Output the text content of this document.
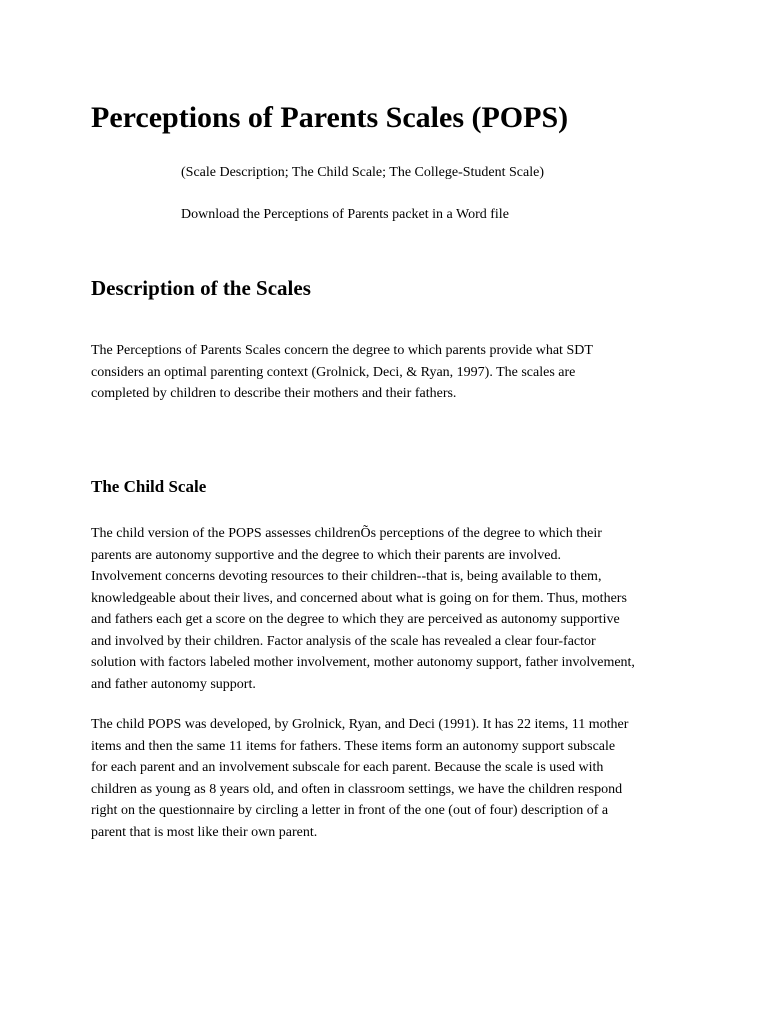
Perceptions of Parents Scales (POPS)

(Scale Description; The Child Scale; The College-Student Scale)

Download the Perceptions of Parents packet in a Word file

Description of the Scales

The Perceptions of Parents Scales concern the degree to which parents provide what SDT
considers an optimal parenting context (Grolnick, Deci, & Ryan, 1997). The scales are
completed by children to describe their mothers and their fathers.

The Child Scale

The child version of the POPS assesses childrenÕs perceptions of the degree to which their
parents are autonomy supportive and the degree to which their parents are involved.
Involvement concerns devoting resources to their children--that is, being available to them,
knowledgeable about their lives, and concerned about what is going on for them. Thus, mothers
and fathers each get a score on the degree to which they are perceived as autonomy supportive
and involved by their children. Factor analysis of the scale has revealed a clear four-factor
solution with factors labeled mother involvement, mother autonomy support, father involvement,
and father autonomy support.

The child POPS was developed, by Grolnick, Ryan, and Deci (1991). It has 22 items, 11 mother
items and then the same 11 items for fathers. These items form an autonomy support subscale
for each parent and an involvement subscale for each parent. Because the scale is used with
children as young as 8 years old, and often in classroom settings, we have the children respond
right on the questionnaire by circling a letter in front of the one (out of four) description of a
parent that is most like their own parent.
